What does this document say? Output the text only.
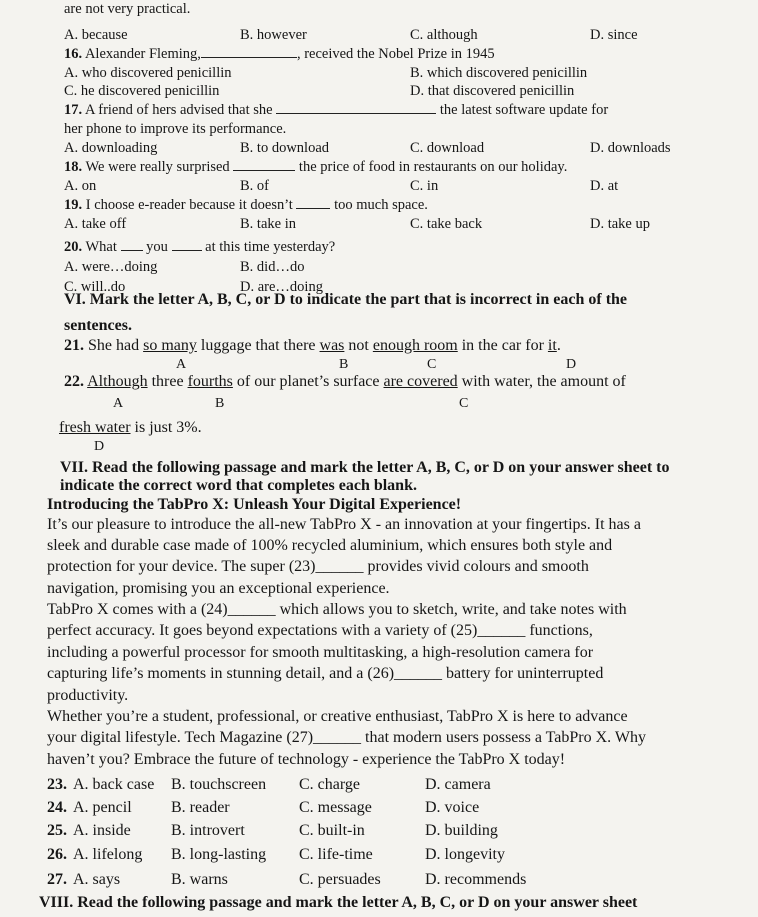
are not very practical.
A. because	B. however	C. although	D. since
16. Alexander Fleming,	, received the Nobel Prize in 1945
A. who discovered penicillin	B. which discovered penicillin
C. he discovered penicillin	D. that discovered penicillin
17. A friend of hers advised that she	the latest software update for
her phone to improve its performance.
A. downloading	B. to download	C. download	D. downloads
18. We were really surprised	the price of food in restaurants on our holiday.
A. on	B. of	C. in	D. at
19. I choose e-reader because it doesn’t	too much space.
A. take off	B. take in	C. take back	D. take up
20. What you	at this time yesterday?
A. were…doing	B. did…do
C. will..do	D. are…doing
VI. Mark the letter A, B, C, or D to indicate the part that is incorrect in each of the
sentences.
21. She had so many luggage that there was not enough room in the car for it.
A	B	C	D
22. Although three fourths of our planet’s surface are covered with water, the amount of
A	B	C
fresh water is just 3%.
D
VII. Read the following passage and mark the letter A, B, C, or D on your answer sheet to
indicate the correct word that completes each blank.
Introducing the TabPro X: Unleash Your Digital Experience!
It’s our pleasure to introduce the all-new TabPro X - an innovation at your fingertips. It has a
sleek and durable case made of 100% recycled aluminium, which ensures both style and
protection for your device. The super (23)______ provides vivid colours and smooth
navigation, promising you an exceptional experience.
TabPro X comes with a (24)______ which allows you to sketch, write, and take notes with
perfect accuracy. It goes beyond expectations with a variety of (25)______ functions,
including a powerful processor for smooth multitasking, a high-resolution camera for
capturing life’s moments in stunning detail, and a (26)______ battery for uninterrupted
productivity.
Whether you’re a student, professional, or creative enthusiast, TabPro X is here to advance
your digital lifestyle. Tech Magazine (27)______ that modern users possess a TabPro X. Why
haven’t you? Embrace the future of technology - experience the TabPro X today!
23. A. back case B. touchscreen C. charge	D. camera
24. A. pencil B. reader	C. message	D. voice
25. A. inside	B. introvert	C. built-in	D. building
26. A. lifelong B. long-lasting C. life-time	D. longevity
27. A. says	B. warns	C. persuades	D. recommends
VIII. Read the following passage and mark the letter A, B, C, or D on your answer sheet
